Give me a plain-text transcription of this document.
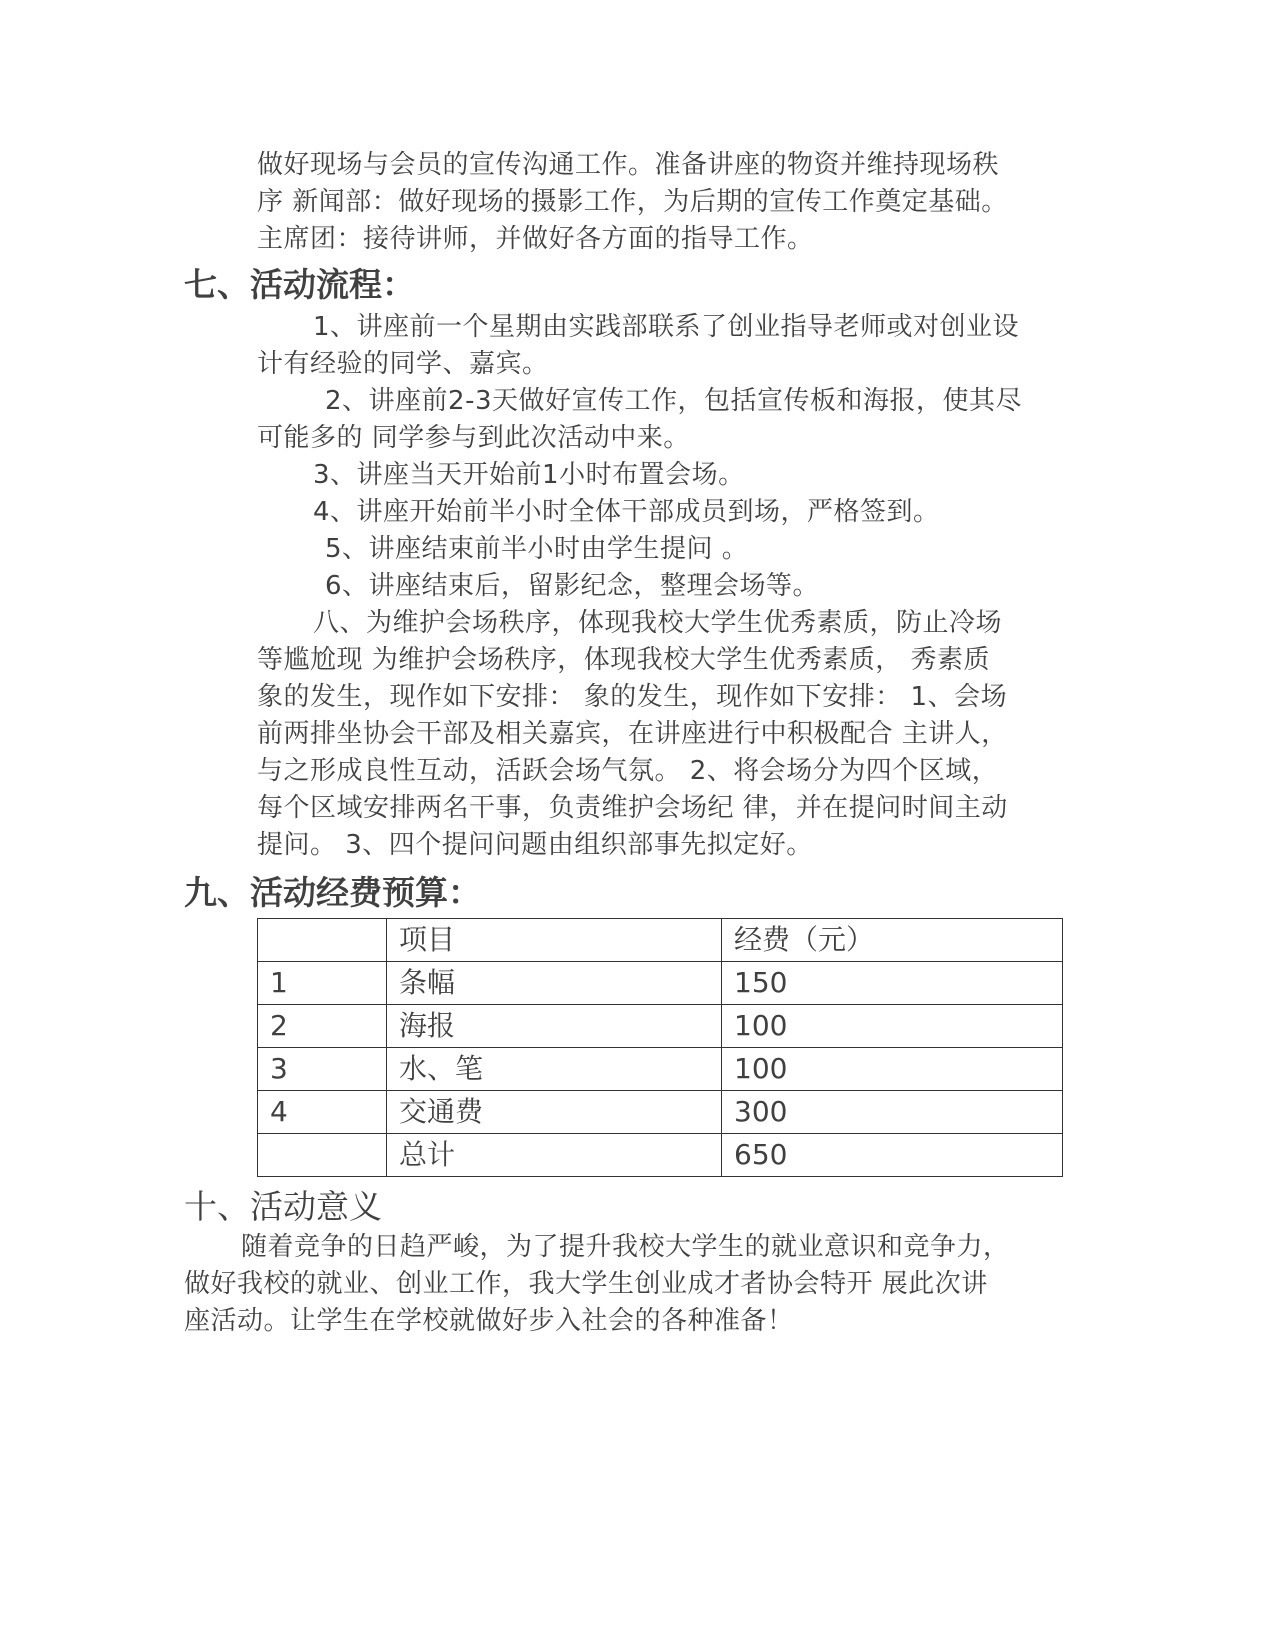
做好现场与会员的宣传沟通工作。准备讲座的物资并维持现场秩
序 新闻部：做好现场的摄影工作，为后期的宣传工作奠定基础。
主席团：接待讲师，并做好各方面的指导工作。
七、活动流程：
1、讲座前一个星期由实践部联系了创业指导老师或对创业设
计有经验的同学、嘉宾。
2、讲座前2-3天做好宣传工作，包括宣传板和海报，使其尽
可能多的 同学参与到此次活动中来。
3、讲座当天开始前1小时布置会场。
4、讲座开始前半小时全体干部成员到场，严格签到。
5、讲座结束前半小时由学生提问 。
6、讲座结束后，留影纪念，整理会场等。
八、为维护会场秩序，体现我校大学生优秀素质，防止冷场
等尴尬现 为维护会场秩序，体现我校大学生优秀素质， 秀素质
象的发生，现作如下安排： 象的发生，现作如下安排： 1、会场
前两排坐协会干部及相关嘉宾，在讲座进行中积极配合 主讲人，
与之形成良性互动，活跃会场气氛。 2、将会场分为四个区域，
每个区域安排两名干事，负责维护会场纪 律，并在提问时间主动
提问。 3、四个提问问题由组织部事先拟定好。
九、活动经费预算：
	项目	经费（元）
1	条幅	150
2	海报	100
3	水、笔	100
4	交通费	300
	总计	650
十、活动意义
随着竞争的日趋严峻，为了提升我校大学生的就业意识和竞争力，
做好我校的就业、创业工作，我大学生创业成才者协会特开 展此次讲
座活动。让学生在学校就做好步入社会的各种准备！
